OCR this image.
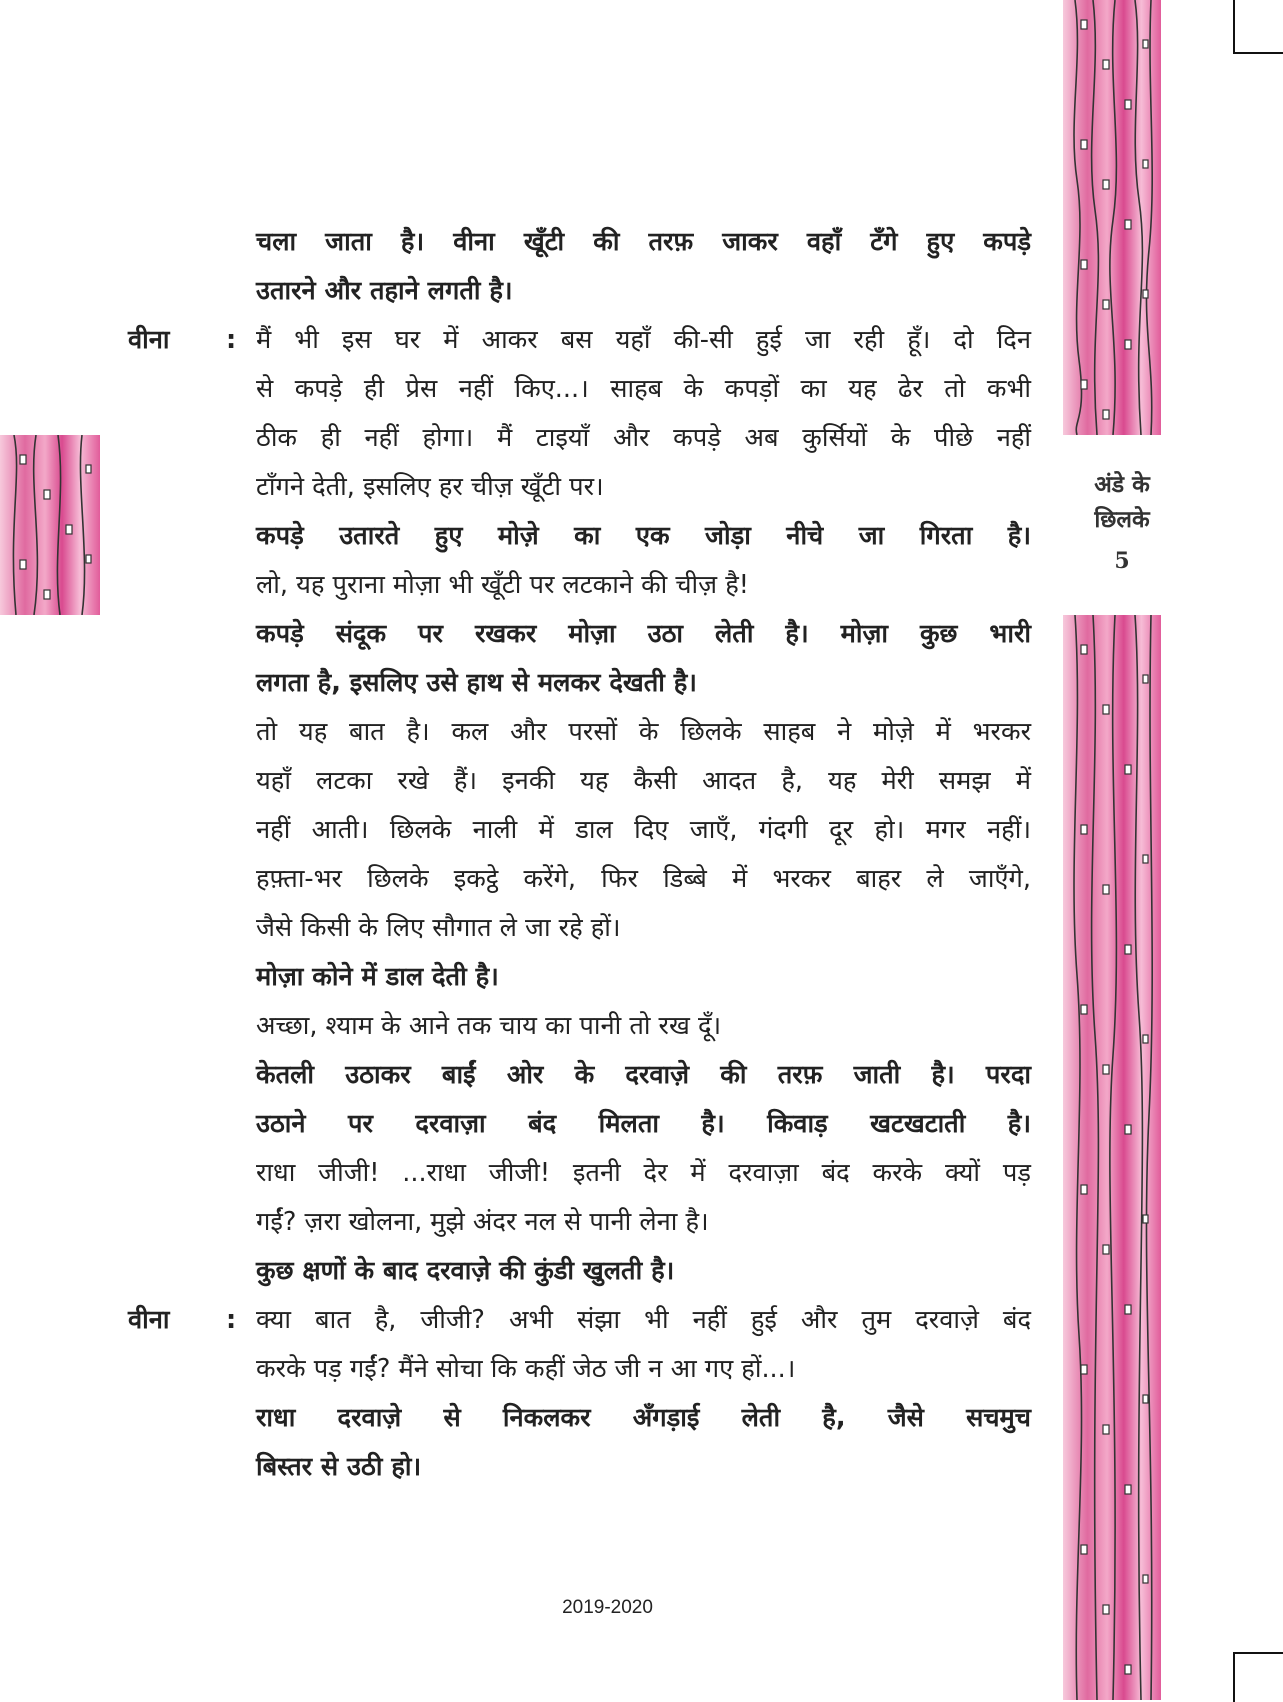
अंडे के
छिलके
5
चला जाता है। वीना खूँटी की तरफ़ जाकर वहाँ टँगे हुए कपड़े
उतारने और तहाने लगती है।
वीना : मैं भी इस घर में आकर बस यहाँ की-सी हुई जा रही हूँ। दो दिन
से कपड़े ही प्रेस नहीं किए...। साहब के कपड़ों का यह ढेर तो कभी
ठीक ही नहीं होगा। मैं टाइयाँ और कपड़े अब कुर्सियों के पीछे नहीं
टाँगने देती, इसलिए हर चीज़ खूँटी पर।
कपड़े उतारते हुए मोज़े का एक जोड़ा नीचे जा गिरता है।
लो, यह पुराना मोज़ा भी खूँटी पर लटकाने की चीज़ है!
कपड़े संदूक पर रखकर मोज़ा उठा लेती है। मोज़ा कुछ भारी
लगता है, इसलिए उसे हाथ से मलकर देखती है।
तो यह बात है। कल और परसों के छिलके साहब ने मोज़े में भरकर
यहाँ लटका रखे हैं। इनकी यह कैसी आदत है, यह मेरी समझ में
नहीं आती। छिलके नाली में डाल दिए जाएँ, गंदगी दूर हो। मगर नहीं।
हफ़्ता-भर छिलके इकट्ठे करेंगे, फिर डिब्बे में भरकर बाहर ले जाएँगे,
जैसे किसी के लिए सौगात ले जा रहे हों।
मोज़ा कोने में डाल देती है।
अच्छा, श्याम के आने तक चाय का पानी तो रख दूँ।
केतली उठाकर बाईं ओर के दरवाज़े की तरफ़ जाती है। परदा
उठाने पर दरवाज़ा बंद मिलता है। किवाड़ खटखटाती है।
राधा जीजी! ...राधा जीजी! इतनी देर में दरवाज़ा बंद करके क्यों पड़
गईं? ज़रा खोलना, मुझे अंदर नल से पानी लेना है।
कुछ क्षणों के बाद दरवाज़े की कुंडी खुलती है।
वीना : क्या बात है, जीजी? अभी संझा भी नहीं हुई और तुम दरवाज़े बंद
करके पड़ गईं? मैंने सोचा कि कहीं जेठ जी न आ गए हों...।
राधा दरवाज़े से निकलकर अँगड़ाई लेती है, जैसे सचमुच
बिस्तर से उठी हो।
2019-2020
